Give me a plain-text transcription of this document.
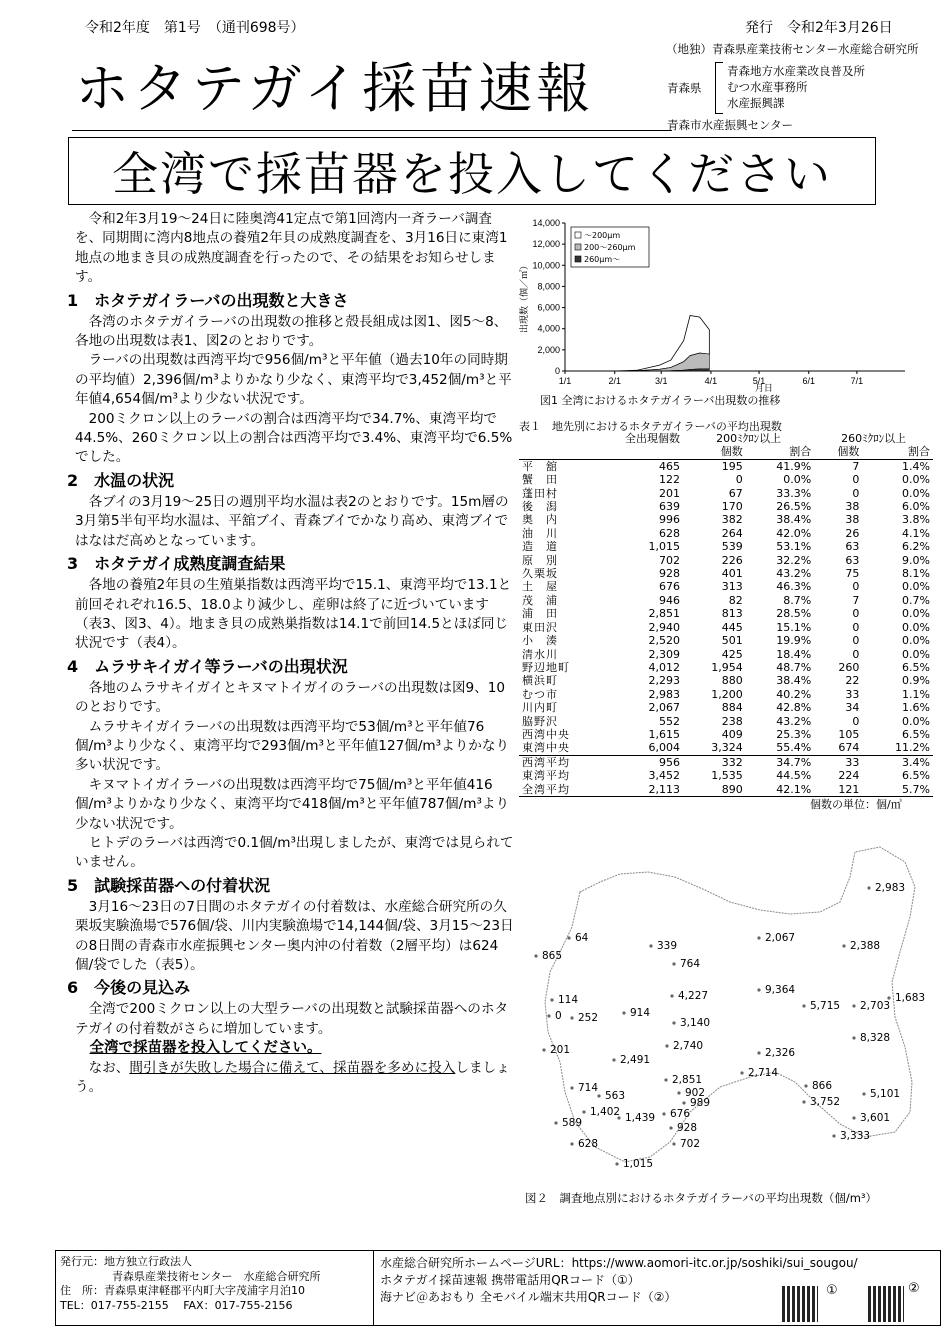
令和2年度　第1号　（通刊698号）	発行　令和2年3月26日
ホタテガイ採苗速報
（地独）青森県産業技術センター水産総合研究所
青森県
青森地方水産業改良普及所
むつ水産事務所
水産振興課
青森市水産振興センター
全湾で採苗器を投入してください

令和2年3月19～24日に陸奥湾41定点で第1回湾内一斉ラーバ調査を、同期間に湾内8地点の養殖2年貝の成熟度調査を、3月16日に東湾1地点の地まき貝の成熟度調査を行ったので、その結果をお知らせします。

1　ホタテガイラーバの出現数と大きさ

各湾のホタテガイラーバの出現数の推移と殻長組成は図1、図5～8、各地の出現数は表1、図2のとおりです。

ラーバの出現数は西湾平均で956個/m³と平年値（過去10年の同時期の平均値）2,396個/m³よりかなり少なく、東湾平均で3,452個/m³と平年値4,654個/m³より少ない状況です。

200ミクロン以上のラーバの割合は西湾平均で34.7%、東湾平均で44.5%、260ミクロン以上の割合は西湾平均で3.4%、東湾平均で6.5%でした。

2　水温の状況

各ブイの3月19～25日の週別平均水温は表2のとおりです。15m層の3月第5半旬平均水温は、平舘ブイ、青森ブイでかなり高め、東湾ブイではなはだ高めとなっています。

3　ホタテガイ成熟度調査結果

各地の養殖2年貝の生殖巣指数は西湾平均で15.1、東湾平均で13.1と前回それぞれ16.5、18.0より減少し、産卵は終了に近づいています（表3、図3、4）。地まき貝の成熟巣指数は14.1で前回14.5とほぼ同じ状況です（表4）。

4　ムラサキイガイ等ラーバの出現状況

各地のムラサキイガイとキヌマトイガイのラーバの出現数は図9、10のとおりです。

ムラサキイガイラーバの出現数は西湾平均で53個/m³と平年値76個/m³より少なく、東湾平均で293個/m³と平年値127個/m³よりかなり多い状況です。

キヌマトイガイラーバの出現数は西湾平均で75個/m³と平年値416個/m³よりかなり少なく、東湾平均で418個/m³と平年値787個/m³より少ない状況です。

ヒトデのラーバは西湾で0.1個/m³出現しましたが、東湾では見られていません。

5　試験採苗器への付着状況

3月16～23日の7日間のホタテガイの付着数は、水産総合研究所の久栗坂実験漁場で576個/袋、川内実験漁場で14,144個/袋、3月15～23日の8日間の青森市水産振興センター奥内沖の付着数（2層平均）は624個/袋でした（表5）。

6　今後の見込み

全湾で200ミクロン以上の大型ラーバの出現数と試験採苗器へのホタテガイの付着数がさらに増加しています。

全湾で採苗器を投入してください。

なお、間引きが失敗した場合に備えて、採苗器を多めに投入しましょう。

0
2,000
4,000
6,000
8,000
10,000
12,000
14,000
1/1	2/1	3/1	4/1	5/1	6/1	7/1
月日
出現数（個／㎥）
～200μm
200～260μm
260μm～
図1 全湾におけるホタテガイラーバ出現数の推移
表１　地先別におけるホタテガイラーバの平均出現数
	全出現個数	200ﾐｸﾛﾝ以上		260ﾐｸﾛﾝ以上	
		個数	割合	個数	割合
平　舘	465	195	41.9%	7	1.4%
蟹　田	122	0	0.0%	0	0.0%
蓬田村	201	67	33.3%	0	0.0%
後　潟	639	170	26.5%	38	6.0%
奥　内	996	382	38.4%	38	3.8%
油　川	628	264	42.0%	26	4.1%
造　道	1,015	539	53.1%	63	6.2%
原　別	702	226	32.2%	63	9.0%
久栗坂	928	401	43.2%	75	8.1%
土　屋	676	313	46.3%	0	0.0%
茂　浦	946	82	8.7%	7	0.7%
浦　田	2,851	813	28.5%	0	0.0%
東田沢	2,940	445	15.1%	0	0.0%
小　湊	2,520	501	19.9%	0	0.0%
清水川	2,309	425	18.4%	0	0.0%
野辺地町	4,012	1,954	48.7%	260	6.5%
横浜町	2,293	880	38.4%	22	0.9%
むつ市	2,983	1,200	40.2%	33	1.1%
川内町	2,067	884	42.8%	34	1.6%
脇野沢	552	238	43.2%	0	0.0%
西湾中央	1,615	409	25.3%	105	6.5%
東湾中央	6,004	3,324	55.4%	674	11.2%
西湾平均	956	332	34.7%	33	3.4%
東湾平均	3,452	1,535	44.5%	224	6.5%
全湾平均	2,113	890	42.1%	121	5.7%
個数の単位：個/㎥
2,983
64
339
2,067
2,388
865
764
9,364
4,227
5,715 2,703
1,683
114
252	914
0
3,140
8,328
201	2,740
2,326
2,491
2,714
2,851	866
714
563	902	5,101
989	3,752
1,402 1,439 676
589	928
3,601
628	702
3,333
1,015
図２　調査地点別におけるホタテガイラーバの平均出現数（個/m³）
発行元：地方独立行政法人
青森県産業技術センター　水産総合研究所
住　所：青森県東津軽郡平内町大字茂浦字月泊10
TEL：017-755-2155　 FAX：017-755-2156
水産総合研究所ホームページURL：https://www.aomori-itc.or.jp/soshiki/sui_sougou/
ホタテガイ採苗速報 携帯電話用QRコード（①）
海ナビ＠あおもり 全モバイル端末共用QRコード（②）	①	②
